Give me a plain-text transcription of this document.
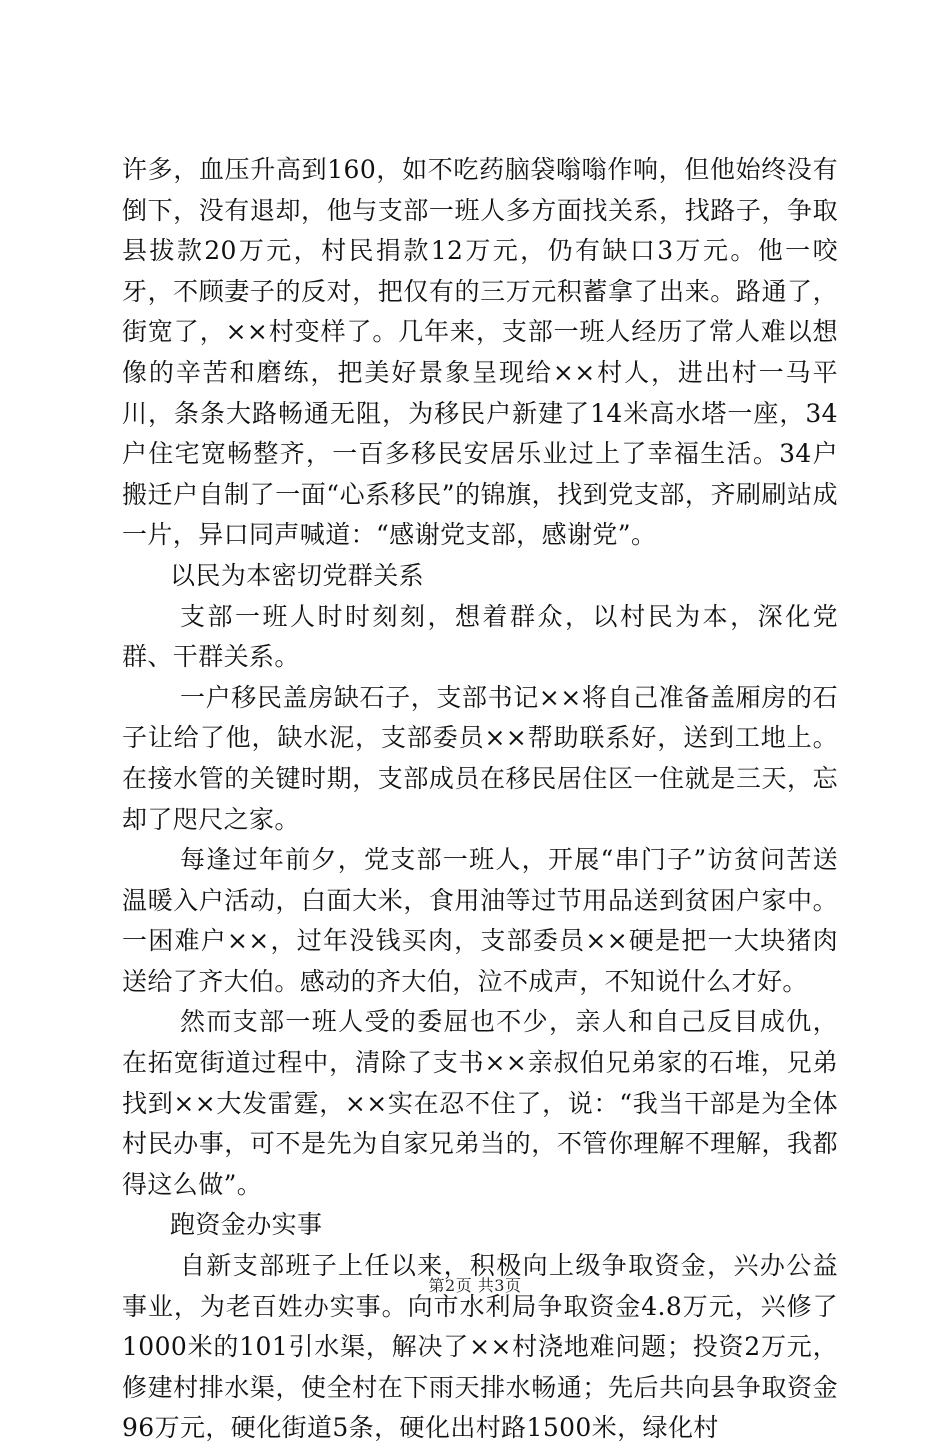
许多，血压升高到160，如不吃药脑袋嗡嗡作响，但他始终没有倒下，没有退却，他与支部一班人多方面找关系，找路子，争取县拔款20万元，村民捐款12万元，仍有缺口3万元。他一咬牙，不顾妻子的反对，把仅有的三万元积蓄拿了出来。路通了，街宽了，××村变样了。几年来，支部一班人经历了常人难以想像的辛苦和磨练，把美好景象呈现给××村人，进出村一马平川，条条大路畅通无阻，为移民户新建了14米高水塔一座，34户住宅宽畅整齐，一百多移民安居乐业过上了幸福生活。34户搬迁户自制了一面“心系移民”的锦旗，找到党支部，齐刷刷站成一片，异口同声喊道：“感谢党支部，感谢党”。

以民为本密切党群关系

支部一班人时时刻刻，想着群众，以村民为本，深化党群、干群关系。

一户移民盖房缺石子，支部书记××将自己准备盖厢房的石子让给了他，缺水泥，支部委员××帮助联系好，送到工地上。在接水管的关键时期，支部成员在移民居住区一住就是三天，忘却了咫尺之家。

每逢过年前夕，党支部一班人，开展“串门子”访贫问苦送温暖入户活动，白面大米，食用油等过节用品送到贫困户家中。一困难户××，过年没钱买肉，支部委员××硬是把一大块猪肉送给了齐大伯。感动的齐大伯，泣不成声，不知说什么才好。

然而支部一班人受的委屈也不少，亲人和自己反目成仇，在拓宽街道过程中，清除了支书××亲叔伯兄弟家的石堆，兄弟找到××大发雷霆，××实在忍不住了，说：“我当干部是为全体村民办事，可不是先为自家兄弟当的，不管你理解不理解，我都得这么做”。

跑资金办实事

自新支部班子上任以来，积极向上级争取资金，兴办公益事业，为老百姓办实事。向市水利局争取资金4.8万元，兴修了1000米的101引水渠，解决了××村浇地难问题；投资2万元，修建村排水渠，使全村在下雨天排水畅通；先后共向县争取资金96万元，硬化街道5条，硬化出村路1500米，绿化村

第2页 共3页
